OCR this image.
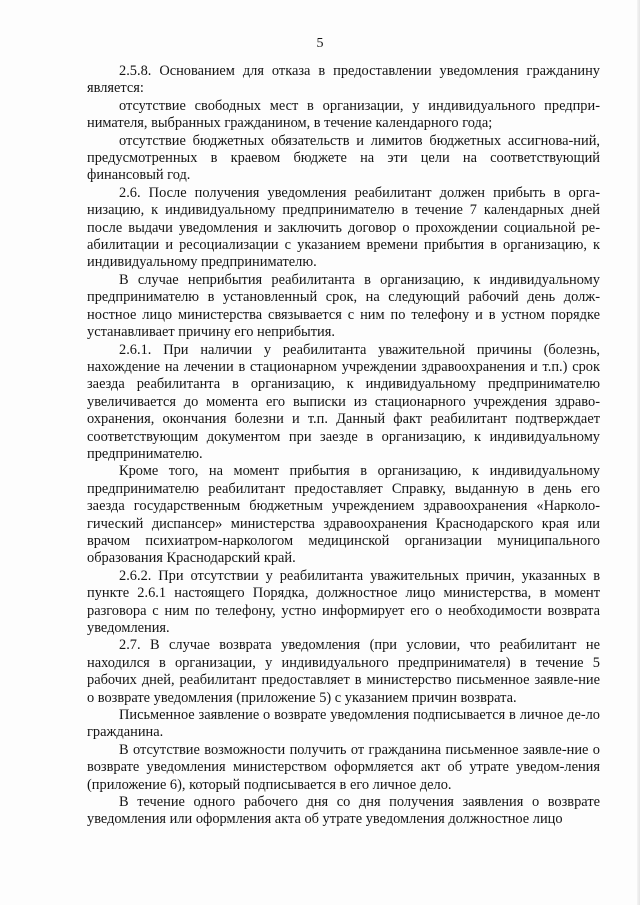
5

2.5.8. Основанием для отказа в предоставлении уведомления гражданину является:

отсутствие свободных мест в организации, у индивидуального предпри-нимателя, выбранных гражданином, в течение календарного года;

отсутствие бюджетных обязательств и лимитов бюджетных ассигнова-ний, предусмотренных в краевом бюджете на эти цели на соответствующий финансовый год.

2.6. После получения уведомления реабилитант должен прибыть в орга-низацию, к индивидуальному предпринимателю в течение 7 календарных дней после выдачи уведомления и заключить договор о прохождении социальной ре-абилитации и ресоциализации с указанием времени прибытия в организацию, к индивидуальному предпринимателю.

В случае неприбытия реабилитанта в организацию, к индивидуальному предпринимателю в установленный срок, на следующий рабочий день долж-ностное лицо министерства связывается с ним по телефону и в устном порядке устанавливает причину его неприбытия.

2.6.1. При наличии у реабилитанта уважительной причины (болезнь, нахождение на лечении в стационарном учреждении здравоохранения и т.п.) срок заезда реабилитанта в организацию, к индивидуальному предпринимателю увеличивается до момента его выписки из стационарного учреждения здраво-охранения, окончания болезни и т.п. Данный факт реабилитант подтверждает соответствующим документом при заезде в организацию, к индивидуальному предпринимателю.

Кроме того, на момент прибытия в организацию, к индивидуальному предпринимателю реабилитант предоставляет Справку, выданную в день его заезда государственным бюджетным учреждением здравоохранения «Нарколо-гический диспансер» министерства здравоохранения Краснодарского края или врачом психиатром-наркологом медицинской организации муниципального образования Краснодарский край.

2.6.2. При отсутствии у реабилитанта уважительных причин, указанных в пункте 2.6.1 настоящего Порядка, должностное лицо министерства, в момент разговора с ним по телефону, устно информирует его о необходимости возврата уведомления.

2.7. В случае возврата уведомления (при условии, что реабилитант не находился в организации, у индивидуального предпринимателя) в течение 5 рабочих дней, реабилитант предоставляет в министерство письменное заявле-ние о возврате уведомления (приложение 5) с указанием причин возврата.

Письменное заявление о возврате уведомления подписывается в личное де-ло гражданина.

В отсутствие возможности получить от гражданина письменное заявле-ние о возврате уведомления министерством оформляется акт об утрате уведом-ления (приложение 6), который подписывается в его личное дело.

В течение одного рабочего дня со дня получения заявления о возврате уведомления или оформления акта об утрате уведомления должностное лицо
